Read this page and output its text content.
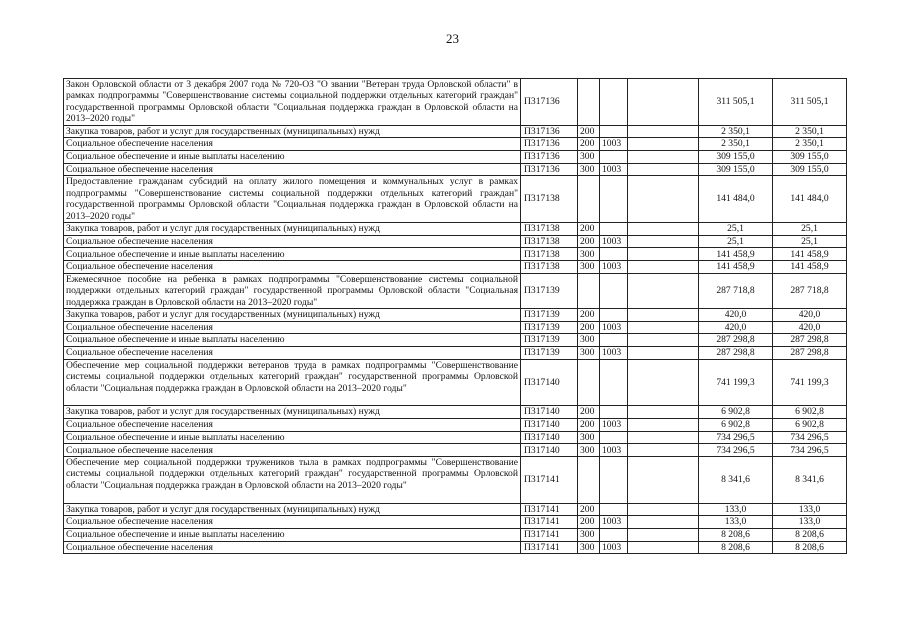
23
Закон Орловской области от 3 декабря 2007 года № 720-ОЗ "О звании "Ветеран труда Орловской области" в рамках подпрограммы "Совершенствование системы социальной поддержки отдельных категорий граждан" государственной программы Орловской области "Социальная поддержка граждан в Орловской области на 2013–2020 годы"	П317136				311 505,1	311 505,1
Закупка товаров, работ и услуг для государственных (муниципальных) нужд	П317136	200			2 350,1	2 350,1
Социальное обеспечение населения	П317136	200	1003		2 350,1	2 350,1
Социальное обеспечение и иные выплаты населению	П317136	300			309 155,0	309 155,0
Социальное обеспечение населения	П317136	300	1003		309 155,0	309 155,0
Предоставление гражданам субсидий на оплату жилого помещения и коммунальных услуг в рамках подпрограммы "Совершенствование системы социальной поддержки отдельных категорий граждан" государственной программы Орловской области "Социальная поддержка граждан в Орловской области на 2013–2020 годы"	П317138				141 484,0	141 484,0
Закупка товаров, работ и услуг для государственных (муниципальных) нужд	П317138	200			25,1	25,1
Социальное обеспечение населения	П317138	200	1003		25,1	25,1
Социальное обеспечение и иные выплаты населению	П317138	300			141 458,9	141 458,9
Социальное обеспечение населения	П317138	300	1003		141 458,9	141 458,9
Ежемесячное пособие на ребенка в рамках подпрограммы "Совершенствование системы социальной поддержки отдельных категорий граждан" государственной программы Орловской области "Социальная поддержка граждан в Орловской области на 2013–2020 годы"	П317139				287 718,8	287 718,8
Закупка товаров, работ и услуг для государственных (муниципальных) нужд	П317139	200			420,0	420,0
Социальное обеспечение населения	П317139	200	1003		420,0	420,0
Социальное обеспечение и иные выплаты населению	П317139	300			287 298,8	287 298,8
Социальное обеспечение населения	П317139	300	1003		287 298,8	287 298,8
Обеспечение мер социальной поддержки ветеранов труда в рамках подпрограммы "Совершенствование системы социальной поддержки отдельных категорий граждан" государственной программы Орловской области "Социальная поддержка граждан в Орловской области на 2013–2020 годы"	П317140				741 199,3	741 199,3
Закупка товаров, работ и услуг для государственных (муниципальных) нужд	П317140	200			6 902,8	6 902,8
Социальное обеспечение населения	П317140	200	1003		6 902,8	6 902,8
Социальное обеспечение и иные выплаты населению	П317140	300			734 296,5	734 296,5
Социальное обеспечение населения	П317140	300	1003		734 296,5	734 296,5
Обеспечение мер социальной поддержки тружеников тыла в рамках подпрограммы "Совершенствование системы социальной поддержки отдельных категорий граждан" государственной программы Орловской области "Социальная поддержка граждан в Орловской области на 2013–2020 годы"	П317141				8 341,6	8 341,6
Закупка товаров, работ и услуг для государственных (муниципальных) нужд	П317141	200			133,0	133,0
Социальное обеспечение населения	П317141	200	1003		133,0	133,0
Социальное обеспечение и иные выплаты населению	П317141	300			8 208,6	8 208,6
Социальное обеспечение населения	П317141	300	1003		8 208,6	8 208,6
